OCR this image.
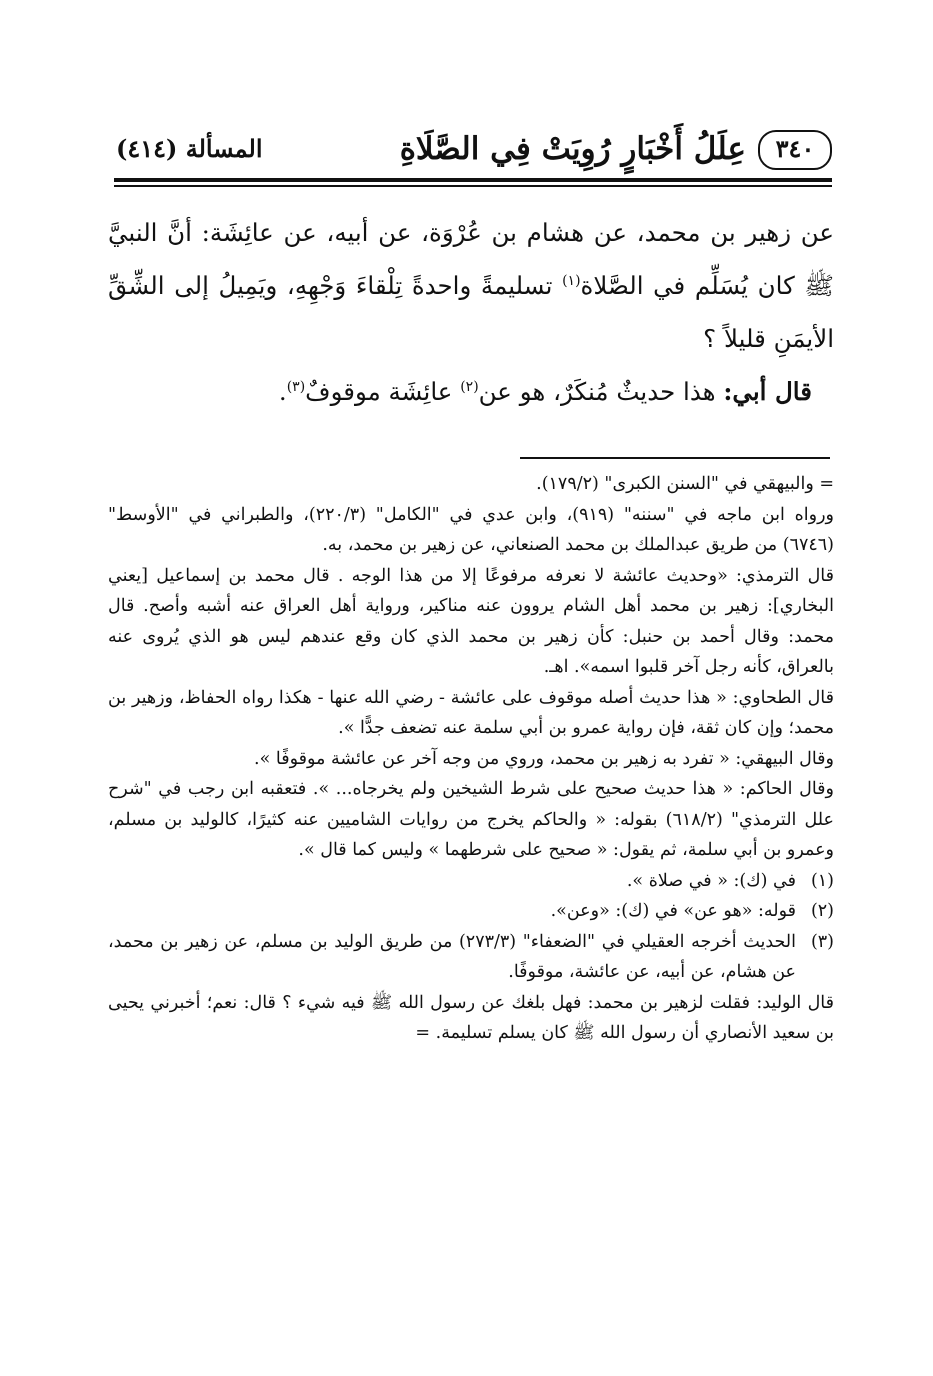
٣٤٠
عِلَلُ أَخْبَارٍ رُوِيَتْ فِي الصَّلَاةِ
المسألة (٤١٤)

عن زهير بن محمد، عن هشام بن عُرْوَة، عن أبيه، عن عائِشَة: أنَّ النبيَّ ﷺ كان يُسَلِّم في الصَّلاة$^{(١)}$ تسليمةً واحدةً تِلْقاءَ وَجْهِهِ، ويَمِيلُ إلى الشِّقِّ الأيمَنِ قليلاً ؟

قال أبي: هذا حديثٌ مُنكَرٌ، هو عن$^{(٢)}$ عائِشَة موقوفٌ$^{(٣)}$.

= والبيهقي في "السنن الكبرى" (١٧٩/٢).

ورواه ابن ماجه في "سننه" (٩١٩)، وابن عدي في "الكامل" (٢٢٠/٣)، والطبراني في "الأوسط" (٦٧٤٦) من طريق عبدالملك بن محمد الصنعاني، عن زهير بن محمد، به.

قال الترمذي: «وحديث عائشة لا نعرفه مرفوعًا إلا من هذا الوجه . قال محمد بن إسماعيل [يعني البخاري]: زهير بن محمد أهل الشام يروون عنه مناكير، ورواية أهل العراق عنه أشبه وأصح. قال محمد: وقال أحمد بن حنبل: كأن زهير بن محمد الذي كان وقع عندهم ليس هو الذي يُروى عنه بالعراق، كأنه رجل آخر قلبوا اسمه». اهـ.

قال الطحاوي: « هذا حديث أصله موقوف على عائشة - رضي الله عنها - هكذا رواه الحفاظ، وزهير بن محمد؛ وإن كان ثقة، فإن رواية عمرو بن أبي سلمة عنه تضعف جدًّا ».

وقال البيهقي: « تفرد به زهير بن محمد، وروي من وجه آخر عن عائشة موقوفًا ».

وقال الحاكم: « هذا حديث صحيح على شرط الشيخين ولم يخرجاه... ». فتعقبه ابن رجب في "شرح علل الترمذي" (٦١٨/٢) بقوله: « والحاكم يخرج من روايات الشاميين عنه كثيرًا، كالوليد بن مسلم، وعمرو بن أبي سلمة، ثم يقول: « صحيح على شرطهما » وليس كما قال ».

(١)
في (ك): « في صلاة ».
(٢)
قوله: «هو عن» في (ك): «وعن».
(٣)
الحديث أخرجه العقيلي في "الضعفاء" (٢٧٣/٣) من طريق الوليد بن مسلم، عن زهير بن محمد، عن هشام، عن أبيه، عن عائشة، موقوفًا.

قال الوليد: فقلت لزهير بن محمد: فهل بلغك عن رسول الله ﷺ فيه شيء ؟ قال: نعم؛ أخبرني يحيى بن سعيد الأنصاري أن رسول الله ﷺ كان يسلم تسليمة. =
